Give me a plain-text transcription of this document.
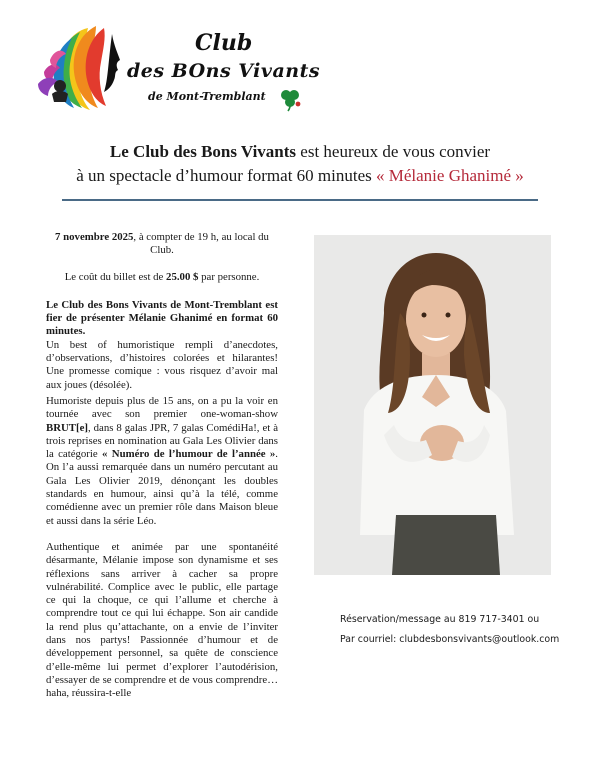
Club
des BOns Vivants
de Mont-Tremblant
Le Club des Bons Vivants est heureux de vous convier
à un spectacle d’humour format 60 minutes « Mélanie Ghanimé »

7 novembre 2025, à compter de 19 h, au local du Club.

Le coût du billet est de 25.00 $ par personne.

Le Club des Bons Vivants de Mont-Tremblant est fier de présenter Mélanie Ghanimé en format 60 minutes.

Un best of humoristique rempli d’anecdotes, d’observations, d’histoires colorées et hilarantes! Une promesse comique : vous risquez d’avoir mal aux joues (désolée).

Humoriste depuis plus de 15 ans, on a pu la voir en tournée avec son premier one-woman-show BRUT[e], dans 8 galas JPR, 7 galas ComédiHa!, et à trois reprises en nomination au Gala Les Olivier dans la catégorie « Numéro de l’humour de l’année ». On l’a aussi remarquée dans un numéro percutant au Gala Les Olivier 2019, dénonçant les doubles standards en humour, ainsi qu’à la télé, comme comédienne avec un premier rôle dans Maison bleue et aussi dans la série Léo.

Authentique et animée par une spontanéité désarmante, Mélanie impose son dynamisme et ses réflexions sans arriver à cacher sa propre vulnérabilité. Complice avec le public, elle partage ce qui la choque, ce qui l’allume et cherche à comprendre tout ce qui lui échappe. Son air candide la rend plus qu’attachante, on a envie de l’inviter dans nos partys! Passionnée d’humour et de développement personnel, sa quête de conscience d’elle-même lui permet d’explorer l’autodérision, d’essayer de se comprendre et de vous comprendre…haha, réussira-t-elle

Réservation/message au 819 717-3401 ou

Par courriel: clubdesbonsvivants@outlook.com
